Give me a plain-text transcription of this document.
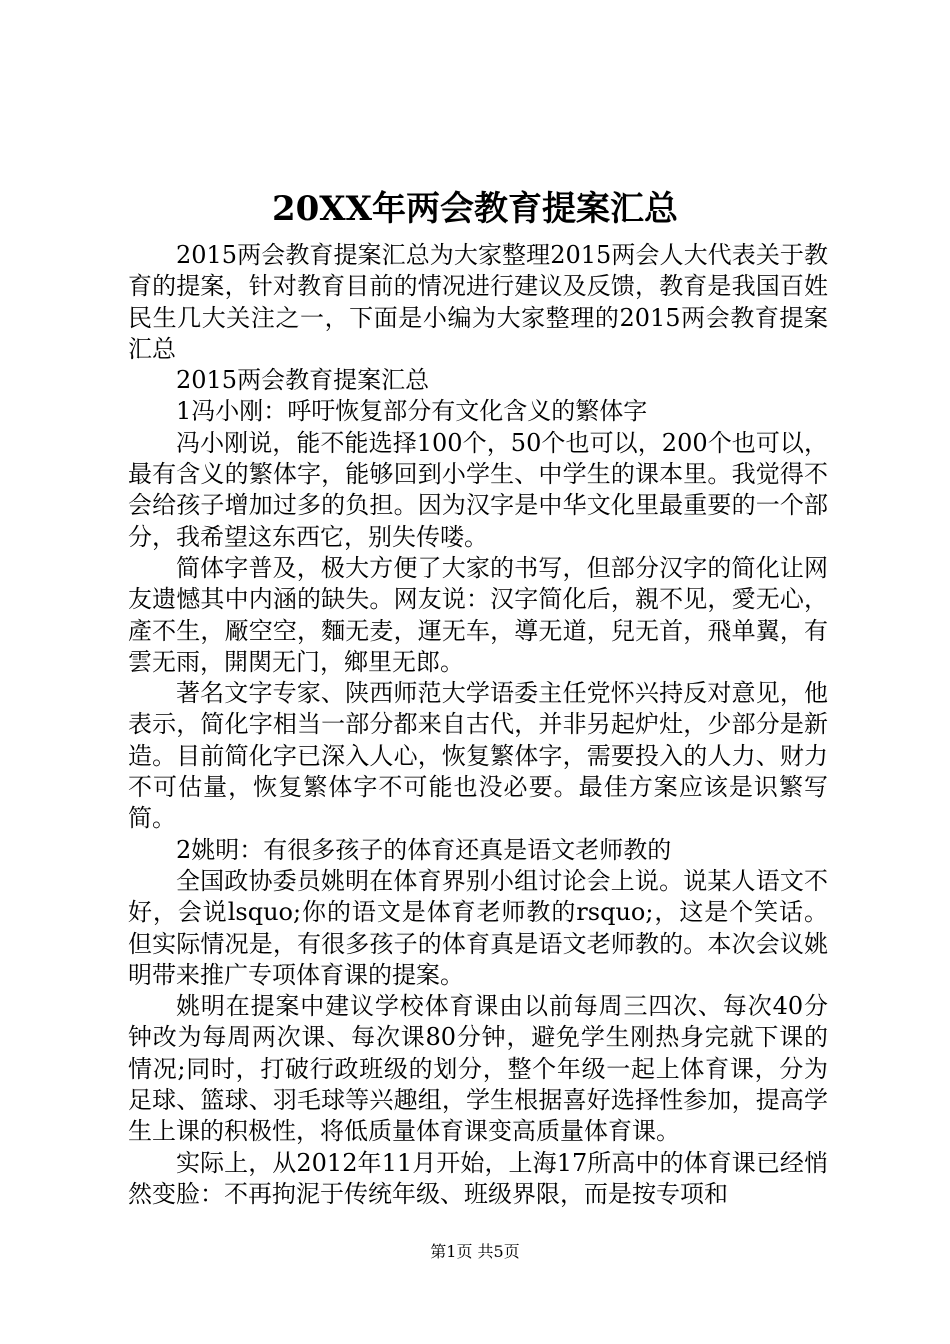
20XX年两会教育提案汇总

2015两会教育提案汇总为大家整理2015两会人大代表关于教育的提案，针对教育目前的情况进行建议及反馈，教育是我国百姓民生几大关注之一，下面是小编为大家整理的2015两会教育提案汇总

2015两会教育提案汇总

1冯小刚：呼吁恢复部分有文化含义的繁体字

冯小刚说，能不能选择100个，50个也可以，200个也可以，最有含义的繁体字，能够回到小学生、中学生的课本里。我觉得不会给孩子增加过多的负担。因为汉字是中华文化里最重要的一个部分，我希望这东西它，别失传喽。

简体字普及，极大方便了大家的书写，但部分汉字的简化让网友遗憾其中内涵的缺失。网友说：汉字简化后，親不见，愛无心，產不生，厰空空，麵无麦，運无车，導无道，兒无首，飛单翼，有雲无雨，開関无门，鄉里无郎。

著名文字专家、陕西师范大学语委主任党怀兴持反对意见，他表示，简化字相当一部分都来自古代，并非另起炉灶，少部分是新造。目前简化字已深入人心，恢复繁体字，需要投入的人力、财力不可估量，恢复繁体字不可能也没必要。最佳方案应该是识繁写简。

2姚明：有很多孩子的体育还真是语文老师教的

全国政协委员姚明在体育界别小组讨论会上说。说某人语文不好，会说lsquo;你的语文是体育老师教的rsquo;，这是个笑话。但实际情况是，有很多孩子的体育真是语文老师教的。本次会议姚明带来推广专项体育课的提案。

姚明在提案中建议学校体育课由以前每周三四次、每次40分钟改为每周两次课、每次课80分钟，避免学生刚热身完就下课的情况;同时，打破行政班级的划分，整个年级一起上体育课，分为足球、篮球、羽毛球等兴趣组，学生根据喜好选择性参加，提高学生上课的积极性，将低质量体育课变高质量体育课。

实际上，从2012年11月开始，上海17所高中的体育课已经悄然变脸：不再拘泥于传统年级、班级界限，而是按专项和

第1页 共5页
